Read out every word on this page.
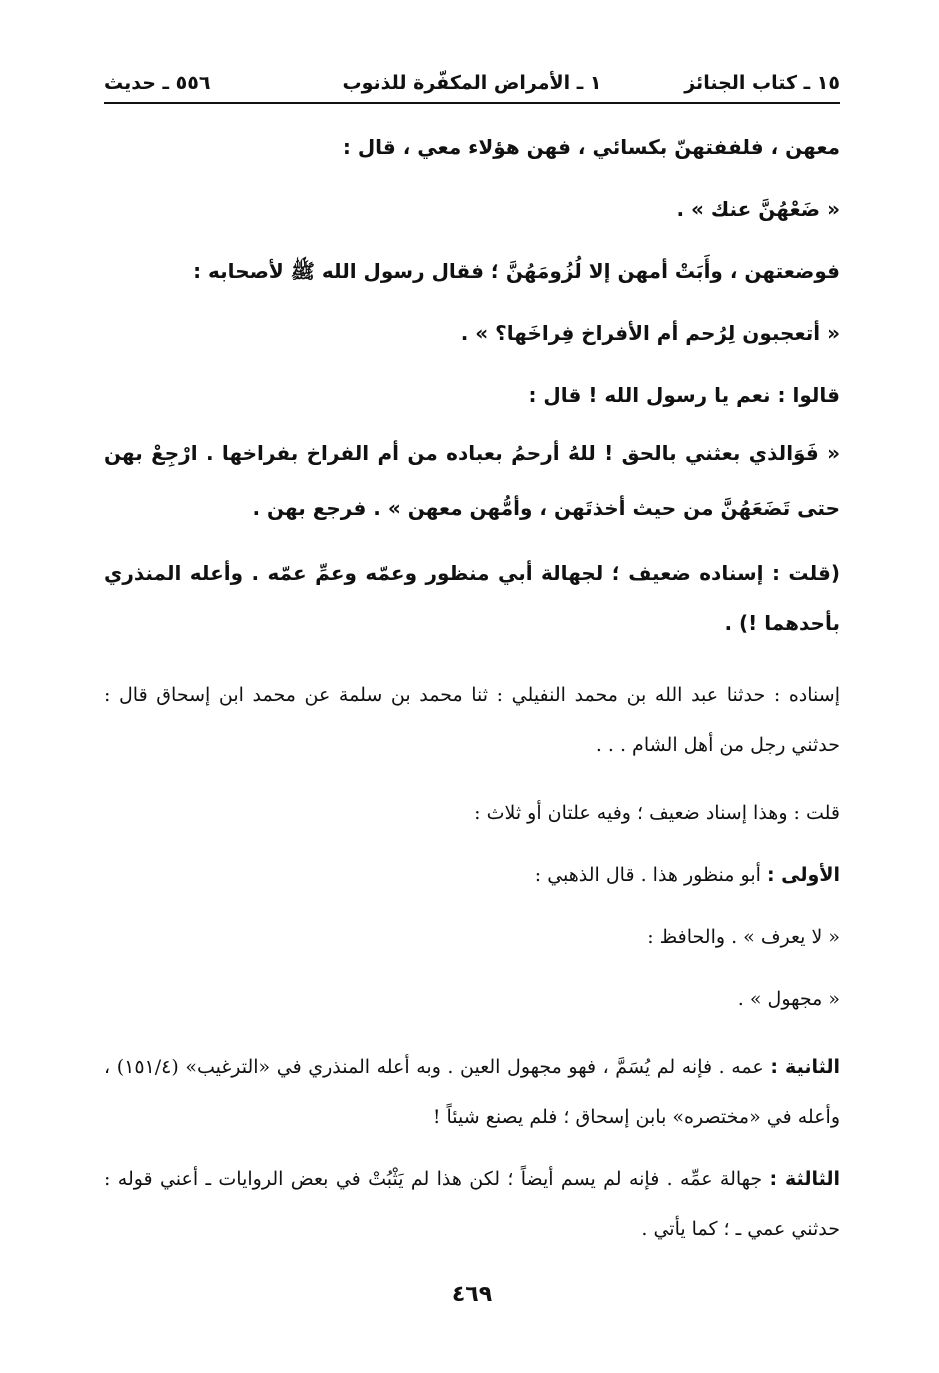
١٥ ـ كتاب الجنائز
١ ـ الأمراض المكفّرة للذنوب
٥٥٦ ـ حديث

معهن ، فلففتهنّ بكسائي ، فهن هؤلاء معي ، قال :

« ضَعْهُنَّ عنك » .

فوضعتهن ، وأَبَتْ أمهن إلا لُزُومَهُنَّ ؛ فقال رسول الله ﷺ لأصحابه :

« أتعجبون لِرُحم أم الأفراخ فِراخَها؟ » .

قالوا : نعم يا رسول الله ! قال :

« فَوَالذي بعثني بالحق ! للهُ أرحمُ بعباده من أم الفراخ بفراخها . ارْجِعْ بهن حتى تَضَعَهُنَّ من حيث أخذتَهن ، وأمُّهن معهن » . فرجع بهن .

(قلت : إسناده ضعيف ؛ لجهالة أبي منظور وعمّه وعمِّ عمّه . وأعله المنذري بأحدهما !) .

إسناده : حدثنا عبد الله بن محمد النفيلي : ثنا محمد بن سلمة عن محمد ابن إسحاق قال : حدثني رجل من أهل الشام . . .

قلت : وهذا إسناد ضعيف ؛ وفيه علتان أو ثلاث :

الأولى : أبو منظور هذا . قال الذهبي :

« لا يعرف » . والحافظ :

« مجهول » .

الثانية : عمه . فإنه لم يُسَمَّ ، فهو مجهول العين . وبه أعله المنذري في «الترغيب» (١٥١/٤) ، وأعله في «مختصره» بابن إسحاق ؛ فلم يصنع شيئاً !

الثالثة : جهالة عمِّه . فإنه لم يسم أيضاً ؛ لكن هذا لم يَثْبُتْ في بعض الروايات ـ أعني قوله : حدثني عمي ـ ؛ كما يأتي .

٤٦٩
